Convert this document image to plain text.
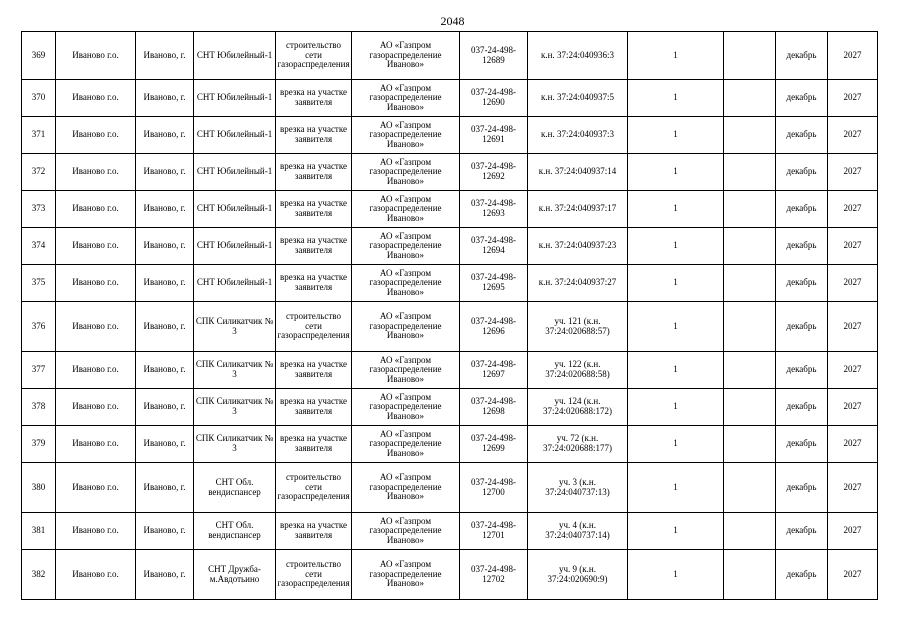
2048
369	Иваново г.о.	Иваново, г.	СНТ Юбилейный-1	строительство сети газораспределения	АО «Газпром газораспределение Иваново»	037-24-498-12689	к.н. 37:24:040936:3	1		декабрь	2027
370	Иваново г.о.	Иваново, г.	СНТ Юбилейный-1	врезка на участке заявителя	АО «Газпром газораспределение Иваново»	037-24-498-12690	к.н. 37:24:040937:5	1		декабрь	2027
371	Иваново г.о.	Иваново, г.	СНТ Юбилейный-1	врезка на участке заявителя	АО «Газпром газораспределение Иваново»	037-24-498-12691	к.н. 37:24:040937:3	1		декабрь	2027
372	Иваново г.о.	Иваново, г.	СНТ Юбилейный-1	врезка на участке заявителя	АО «Газпром газораспределение Иваново»	037-24-498-12692	к.н. 37:24:040937:14	1		декабрь	2027
373	Иваново г.о.	Иваново, г.	СНТ Юбилейный-1	врезка на участке заявителя	АО «Газпром газораспределение Иваново»	037-24-498-12693	к.н. 37:24:040937:17	1		декабрь	2027
374	Иваново г.о.	Иваново, г.	СНТ Юбилейный-1	врезка на участке заявителя	АО «Газпром газораспределение Иваново»	037-24-498-12694	к.н. 37:24:040937:23	1		декабрь	2027
375	Иваново г.о.	Иваново, г.	СНТ Юбилейный-1	врезка на участке заявителя	АО «Газпром газораспределение Иваново»	037-24-498-12695	к.н. 37:24:040937:27	1		декабрь	2027
376	Иваново г.о.	Иваново, г.	СПК Силикатчик № 3	строительство сети газораспределения	АО «Газпром газораспределение Иваново»	037-24-498-12696	уч. 121 (к.н. 37:24:020688:57)	1		декабрь	2027
377	Иваново г.о.	Иваново, г.	СПК Силикатчик № 3	врезка на участке заявителя	АО «Газпром газораспределение Иваново»	037-24-498-12697	уч. 122 (к.н. 37:24:020688:58)	1		декабрь	2027
378	Иваново г.о.	Иваново, г.	СПК Силикатчик № 3	врезка на участке заявителя	АО «Газпром газораспределение Иваново»	037-24-498-12698	уч. 124 (к.н. 37:24:020688:172)	1		декабрь	2027
379	Иваново г.о.	Иваново, г.	СПК Силикатчик № 3	врезка на участке заявителя	АО «Газпром газораспределение Иваново»	037-24-498-12699	уч. 72 (к.н. 37:24:020688:177)	1		декабрь	2027
380	Иваново г.о.	Иваново, г.	СНТ Обл. вендиспансер	строительство сети газораспределения	АО «Газпром газораспределение Иваново»	037-24-498-12700	уч. 3 (к.н. 37:24:040737:13)	1		декабрь	2027
381	Иваново г.о.	Иваново, г.	СНТ Обл. вендиспансер	врезка на участке заявителя	АО «Газпром газораспределение Иваново»	037-24-498-12701	уч. 4 (к.н. 37:24:040737:14)	1		декабрь	2027
382	Иваново г.о.	Иваново, г.	СНТ Дружба-м.Авдотьино	строительство сети газораспределения	АО «Газпром газораспределение Иваново»	037-24-498-12702	уч. 9 (к.н. 37:24:020690:9)	1		декабрь	2027
